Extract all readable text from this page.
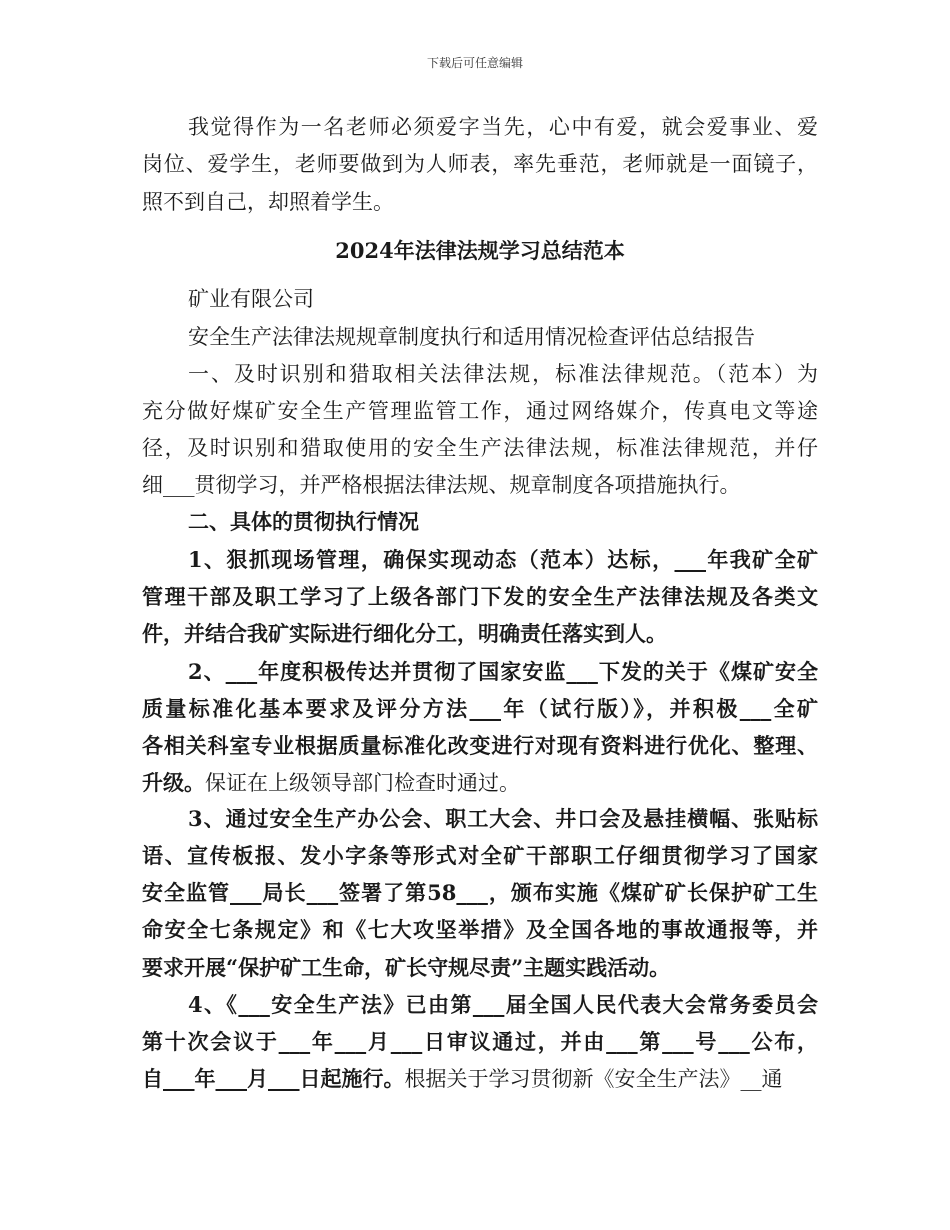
下载后可任意编辑
我觉得作为一名老师必须爱字当先，心中有爱，就会爱事业、爱
岗位、爱学生，老师要做到为人师表，率先垂范，老师就是一面镜子，
照不到自己，却照着学生。
2024年法律法规学习总结范本
矿业有限公司
安全生产法律法规规章制度执行和适用情况检查评估总结报告
一、及时识别和猎取相关法律法规，标准法律规范。（范本）为
充分做好煤矿安全生产管理监管工作，通过网络媒介，传真电文等途
径，及时识别和猎取使用的安全生产法律法规，标准法律规范，并仔
细___贯彻学习，并严格根据法律法规、规章制度各项措施执行。
二、具体的贯彻执行情况
1、狠抓现场管理，确保实现动态（范本）达标，___年我矿全矿
管理干部及职工学习了上级各部门下发的安全生产法律法规及各类文
件，并结合我矿实际进行细化分工，明确责任落实到人。
2、___年度积极传达并贯彻了国家安监___下发的关于《煤矿安全
质量标准化基本要求及评分方法___年（试行版）》，并积极___全矿
各相关科室专业根据质量标准化改变进行对现有资料进行优化、整理、
升级。保证在上级领导部门检查时通过。
3、通过安全生产办公会、职工大会、井口会及悬挂横幅、张贴标
语、宣传板报、发小字条等形式对全矿干部职工仔细贯彻学习了国家
安全监管___局长___签署了第58___，颁布实施《煤矿矿长保护矿工生
命安全七条规定》和《七大攻坚举措》及全国各地的事故通报等，并
要求开展“保护矿工生命，矿长守规尽责”主题实践活动。
4、《___安全生产法》已由第___届全国人民代表大会常务委员会
第十次会议于___年___月___日审议通过，并由___第___号___公布，
自___年___月___日起施行。根据关于学习贯彻新《安全生产法》__通
